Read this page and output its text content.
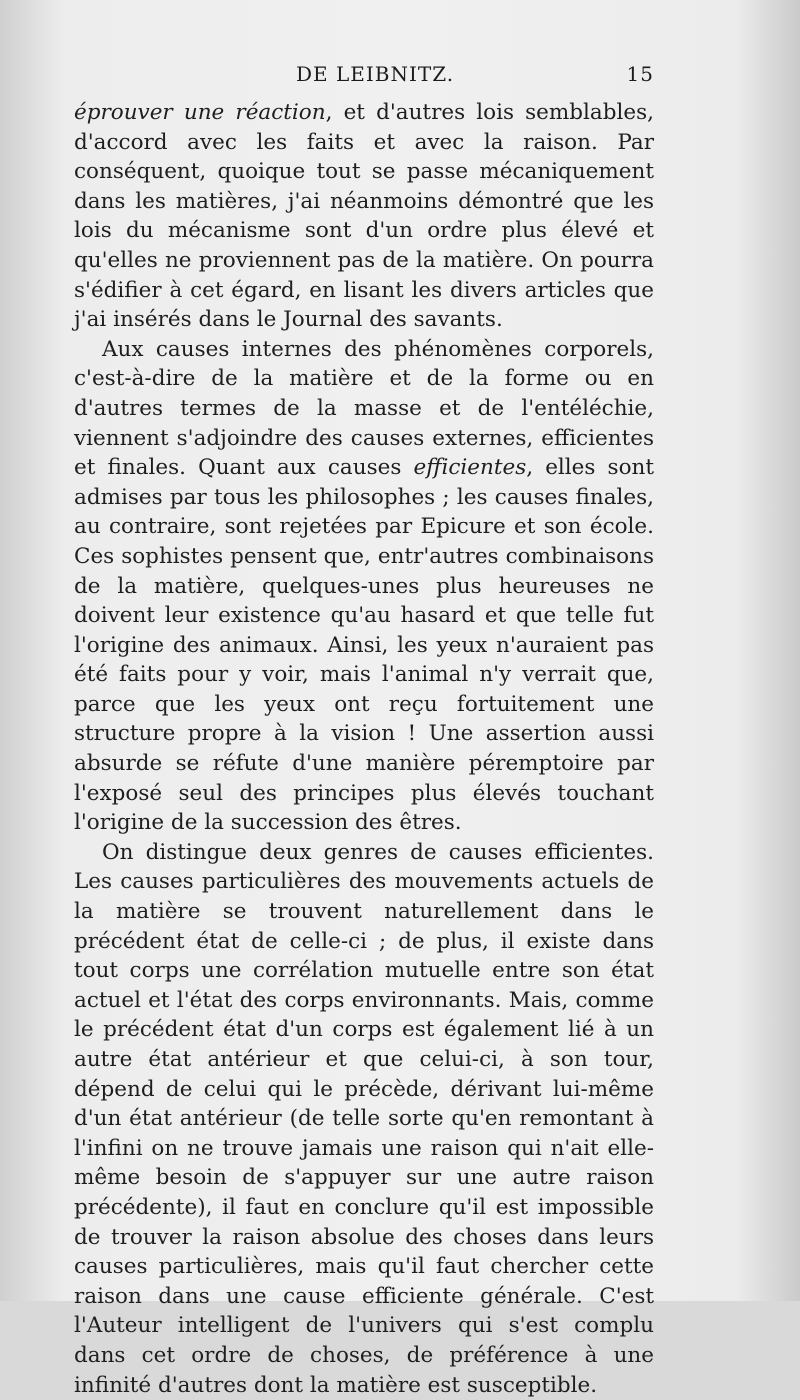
DE LEIBNITZ.	15

éprouver une réaction, et d'autres lois semblables, d'accord avec les faits et avec la raison. Par conséquent, quoique tout se passe mécaniquement dans les matières, j'ai néanmoins démontré que les lois du mécanisme sont d'un ordre plus élevé et qu'elles ne proviennent pas de la matière. On pourra s'édifier à cet égard, en lisant les divers articles que j'ai insérés dans le Journal des savants.

Aux causes internes des phénomènes corporels, c'est-à-dire de la matière et de la forme ou en d'autres termes de la masse et de l'entéléchie, viennent s'adjoindre des causes externes, efficientes et finales. Quant aux causes efficientes, elles sont admises par tous les philosophes ; les causes finales, au contraire, sont rejetées par Epicure et son école. Ces sophistes pensent que, entr'autres combinaisons de la matière, quelques-unes plus heureuses ne doivent leur existence qu'au hasard et que telle fut l'origine des animaux. Ainsi, les yeux n'auraient pas été faits pour y voir, mais l'animal n'y verrait que, parce que les yeux ont reçu fortuitement une structure propre à la vision ! Une assertion aussi absurde se réfute d'une manière péremptoire par l'exposé seul des principes plus élevés touchant l'origine de la succession des êtres.

On distingue deux genres de causes efficientes. Les causes particulières des mouvements actuels de la matière se trouvent naturellement dans le précédent état de celle-ci ; de plus, il existe dans tout corps une corrélation mutuelle entre son état actuel et l'état des corps environnants. Mais, comme le précédent état d'un corps est également lié à un autre état antérieur et que celui-ci, à son tour, dépend de celui qui le précède, dérivant lui-même d'un état antérieur (de telle sorte qu'en remontant à l'infini on ne trouve jamais une raison qui n'ait elle-même besoin de s'appuyer sur une autre raison précédente), il faut en conclure qu'il est impossible de trouver la raison absolue des choses dans leurs causes particulières, mais qu'il faut chercher cette raison dans une cause efficiente générale. C'est l'Auteur intelligent de l'univers qui s'est complu dans cet ordre de choses, de préférence à une infinité d'autres dont la matière est susceptible.
